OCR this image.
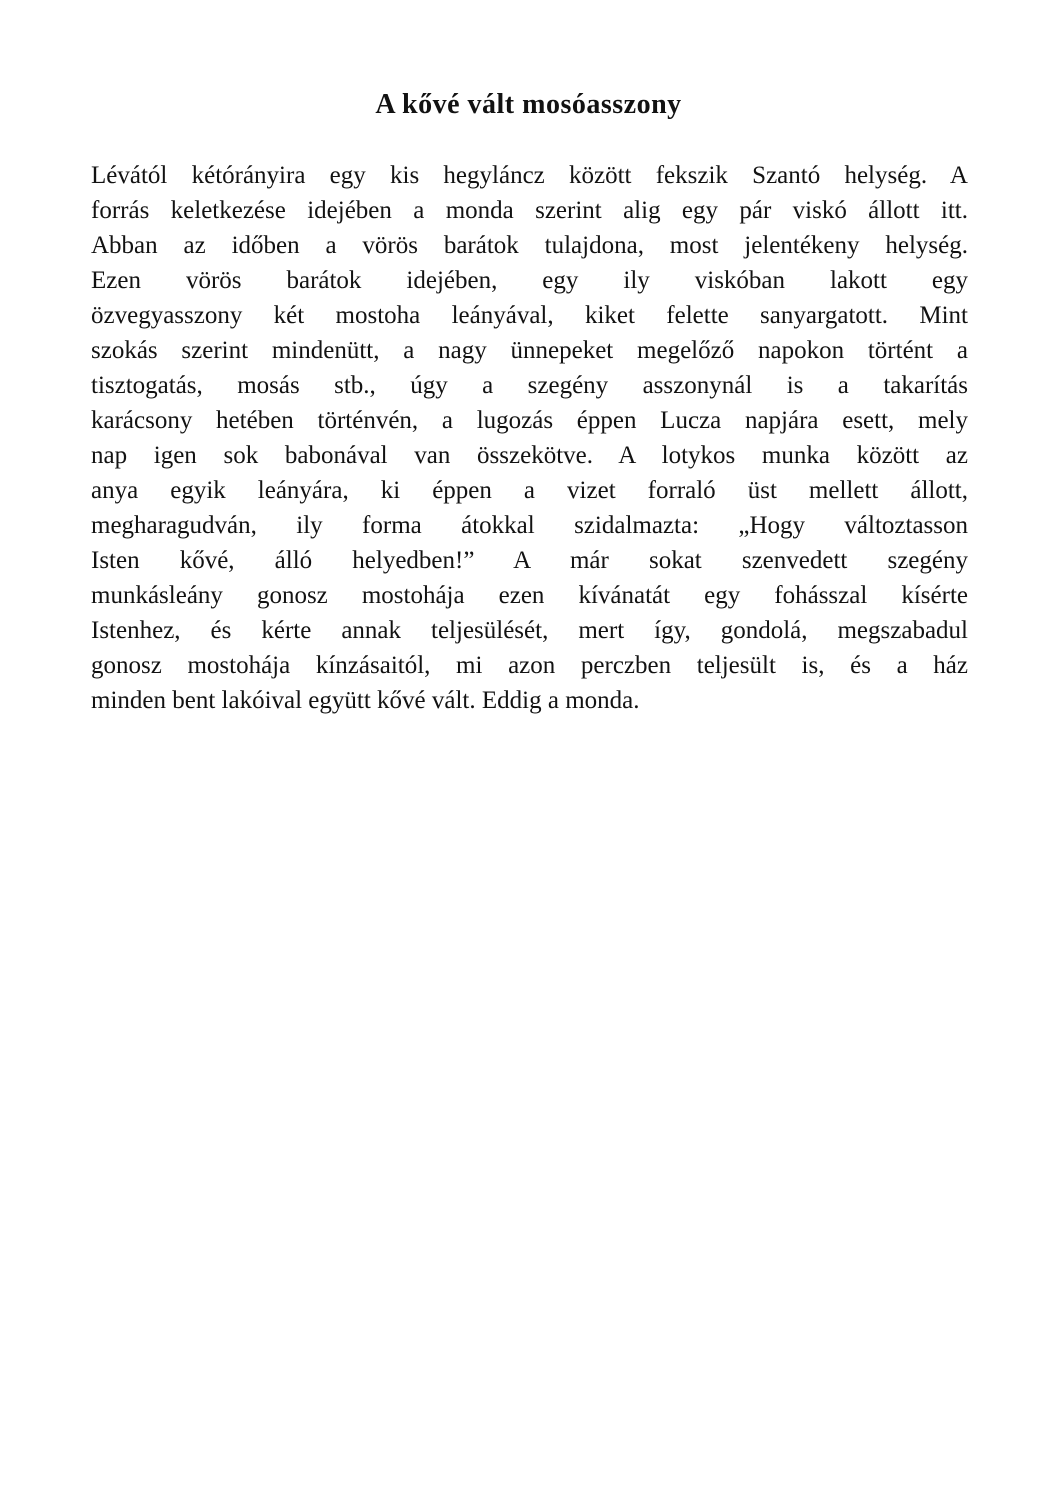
A kővé vált mosóasszony
Lévától kétórányira egy kis hegyláncz között fekszik Szantó helység. A
forrás keletkezése idejében a monda szerint alig egy pár viskó állott itt.
Abban az időben a vörös barátok tulajdona, most jelentékeny helység.
Ezen vörös barátok idejében, egy ily viskóban lakott egy
özvegyasszony két mostoha leányával, kiket felette sanyargatott. Mint
szokás szerint mindenütt, a nagy ünnepeket megelőző napokon történt a
tisztogatás, mosás stb., úgy a szegény asszonynál is a takarítás
karácsony hetében történvén, a lugozás éppen Lucza napjára esett, mely
nap igen sok babonával van összekötve. A lotykos munka között az
anya egyik leányára, ki éppen a vizet forraló üst mellett állott,
megharagudván, ily forma átokkal szidalmazta: „Hogy változtasson
Isten kővé, álló helyedben!” A már sokat szenvedett szegény
munkásleány gonosz mostohája ezen kívánatát egy fohásszal kísérte
Istenhez, és kérte annak teljesülését, mert így, gondolá, megszabadul
gonosz mostohája kínzásaitól, mi azon perczben teljesült is, és a ház
minden bent lakóival együtt kővé vált. Eddig a monda.
